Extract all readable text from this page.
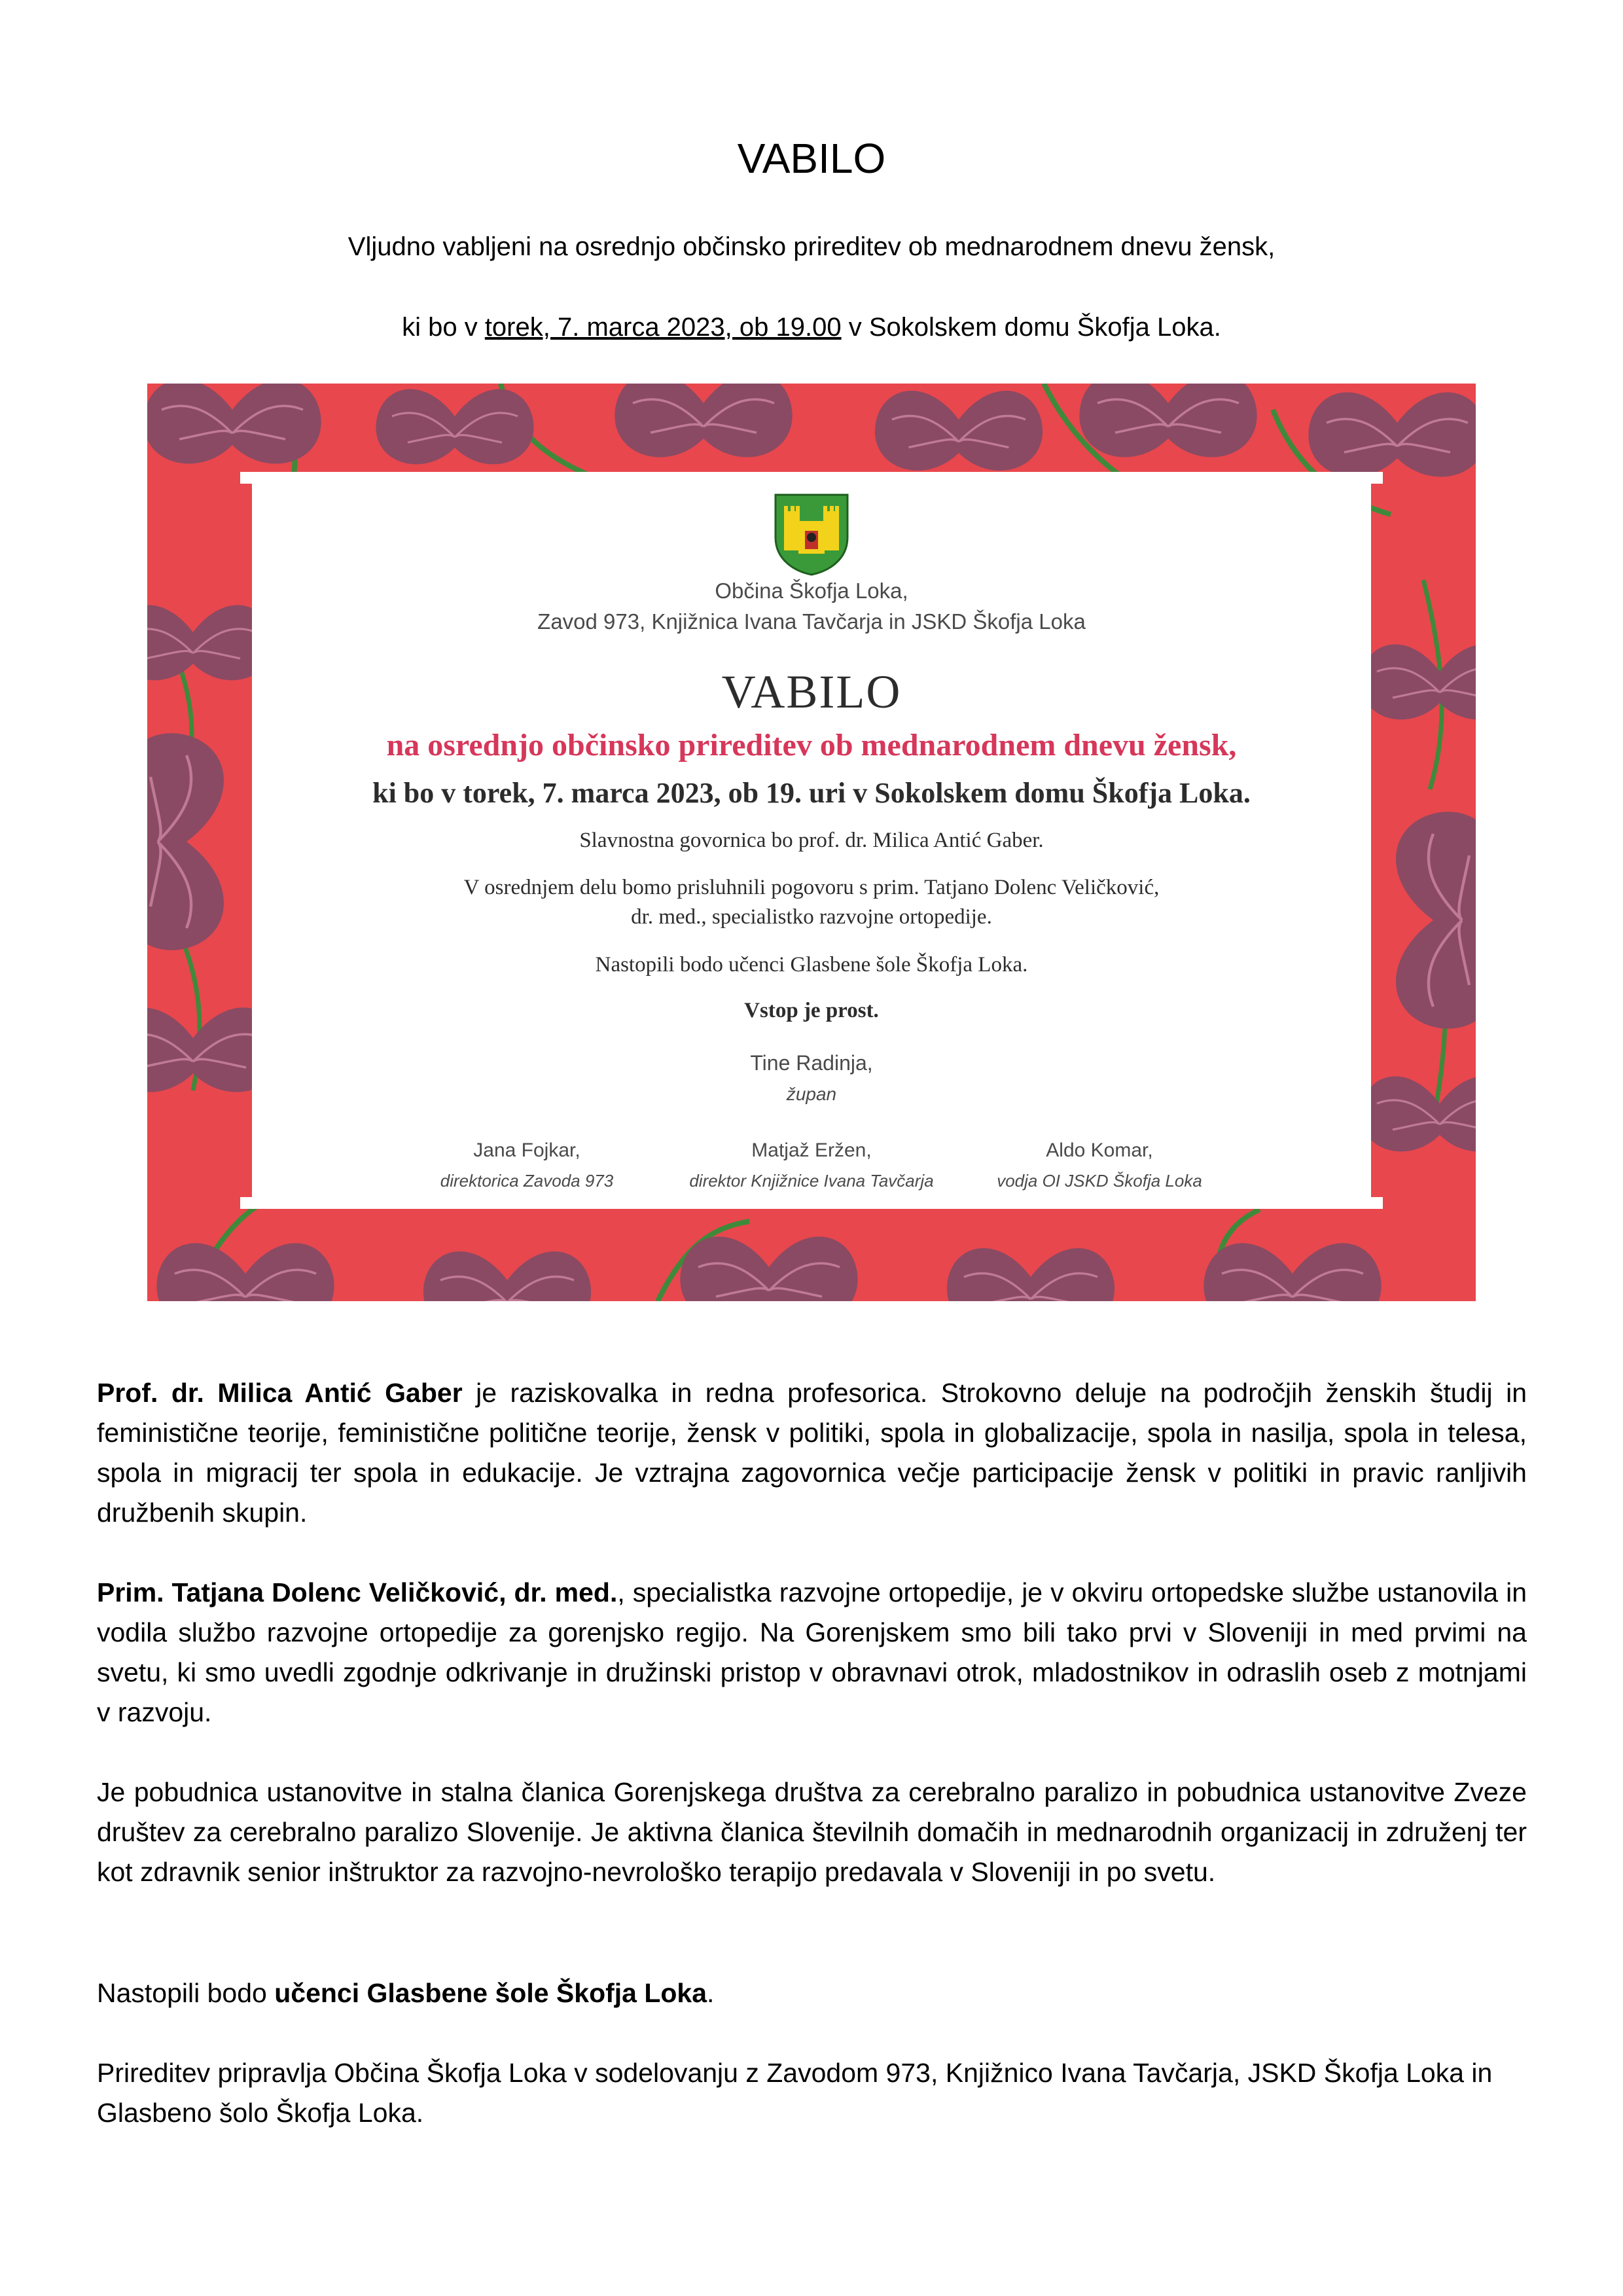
VABILO

Vljudno vabljeni na osrednjo občinsko prireditev ob mednarodnem dnevu žensk,

ki bo v torek, 7. marca 2023, ob 19.00 v Sokolskem domu Škofja Loka.

Občina Škofja Loka,
Zavod 973, Knjižnica Ivana Tavčarja in JSKD Škofja Loka
VABILO
na osrednjo občinsko prireditev ob mednarodnem dnevu žensk,
ki bo v torek, 7. marca 2023, ob 19. uri v Sokolskem domu Škofja Loka.
Slavnostna govornica bo prof. dr. Milica Antić Gaber.
V osrednjem delu bomo prisluhnili pogovoru s prim. Tatjano Dolenc Veličković,
dr. med., specialistko razvojne ortopedije.
Nastopili bodo učenci Glasbene šole Škofja Loka.
Vstop je prost.
Tine Radinja,
župan
Jana Fojkar,
direktorica Zavoda 973
Matjaž Eržen,
direktor Knjižnice Ivana Tavčarja
Aldo Komar,
vodja OI JSKD Škofja Loka

Prof. dr. Milica Antić Gaber je raziskovalka in redna profesorica. Strokovno deluje na področjih ženskih študij in feministične teorije, feministične politične teorije, žensk v politiki, spola in globalizacije, spola in nasilja, spola in telesa, spola in migracij ter spola in edukacije. Je vztrajna zagovornica večje participacije žensk v politiki in pravic ranljivih družbenih skupin.

Prim. Tatjana Dolenc Veličković, dr. med., specialistka razvojne ortopedije, je v okviru ortopedske službe ustanovila in vodila službo razvojne ortopedije za gorenjsko regijo. Na Gorenjskem smo bili tako prvi v Sloveniji in med prvimi na svetu, ki smo uvedli zgodnje odkrivanje in družinski pristop v obravnavi otrok, mladostnikov in odraslih oseb z motnjami v razvoju.

Je pobudnica ustanovitve in stalna članica Gorenjskega društva za cerebralno paralizo in pobudnica ustanovitve Zveze društev za cerebralno paralizo Slovenije. Je aktivna članica številnih domačih in mednarodnih organizacij in združenj ter kot zdravnik senior inštruktor za razvojno-nevrološko terapijo predavala v Sloveniji in po svetu.

Nastopili bodo učenci Glasbene šole Škofja Loka.

Prireditev pripravlja Občina Škofja Loka v sodelovanju z Zavodom 973, Knjižnico Ivana Tavčarja, JSKD Škofja Loka in Glasbeno šolo Škofja Loka.
